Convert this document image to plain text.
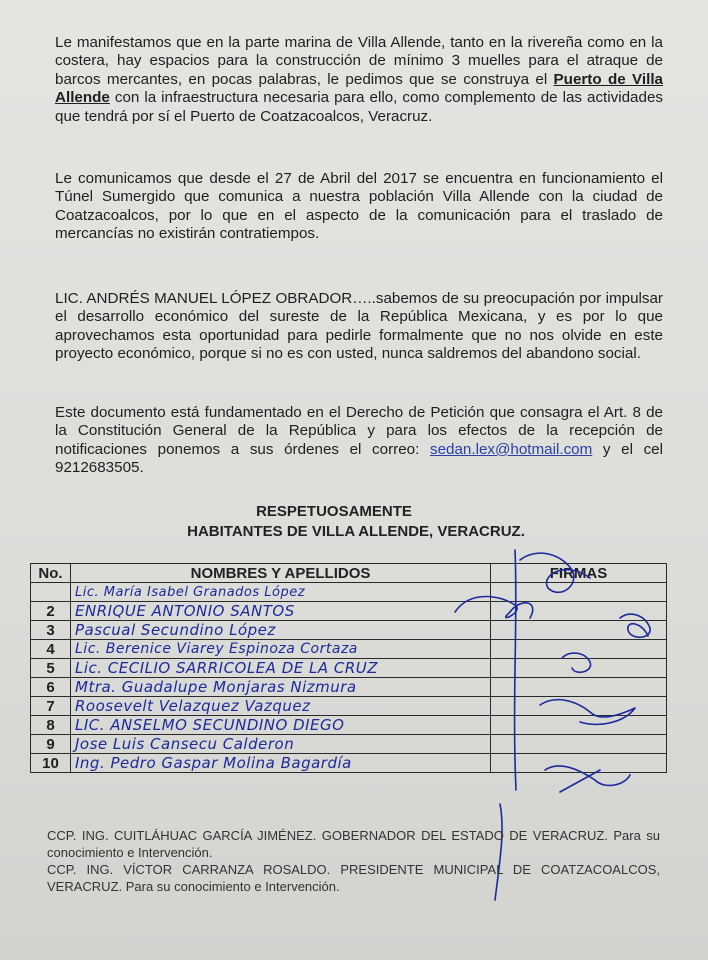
Le manifestamos que en la parte marina de Villa Allende, tanto en la rivereña como en la costera, hay espacios para la construcción de mínimo 3 muelles para el atraque de barcos mercantes, en pocas palabras, le pedimos que se construya el Puerto de Villa Allende con la infraestructura necesaria para ello, como complemento de las actividades que tendrá por sí el Puerto de Coatzacoalcos, Veracruz.

Le comunicamos que desde el 27 de Abril del 2017 se encuentra en funcionamiento el Túnel Sumergido que comunica a nuestra población Villa Allende con la ciudad de Coatzacoalcos, por lo que en el aspecto de la comunicación para el traslado de mercancías no existirán contratiempos.

LIC. ANDRÉS MANUEL LÓPEZ OBRADOR…..sabemos de su preocupación por impulsar el desarrollo económico del sureste de la República Mexicana, y es por lo que aprovechamos esta oportunidad para pedirle formalmente que no nos olvide en este proyecto económico, porque si no es con usted, nunca saldremos del abandono social.

Este documento está fundamentado en el Derecho de Petición que consagra el Art. 8 de la Constitución General de la República y para los efectos de la recepción de notificaciones ponemos a sus órdenes el correo: sedan.lex@hotmail.com y el cel 9212683505.

RESPETUOSAMENTE
HABITANTES DE VILLA ALLENDE, VERACRUZ.
No.	NOMBRES Y APELLIDOS	FIRMAS
	Lic. María Isabel Granados López	
2	ENRIQUE ANTONIO SANTOS	
3	Pascual Secundino López	
4	Lic. Berenice Viarey Espinoza Cortaza	
5	Lic. CECILIO SARRICOLEA DE LA CRUZ	
6	Mtra. Guadalupe Monjaras Nizmura	
7	Roosevelt Velazquez Vazquez	
8	LIC. ANSELMO SECUNDINO DIEGO	
9	Jose Luis Cansecu Calderon	
10	Ing. Pedro Gaspar Molina Bagardía	

CCP. ING. CUITLÁHUAC GARCÍA JIMÉNEZ. GOBERNADOR DEL ESTADO DE VERACRUZ. Para su conocimiento e Intervención.

CCP. ING. VÍCTOR CARRANZA ROSALDO. PRESIDENTE MUNICIPAL DE COATZACOALCOS, VERACRUZ. Para su conocimiento e Intervención.
